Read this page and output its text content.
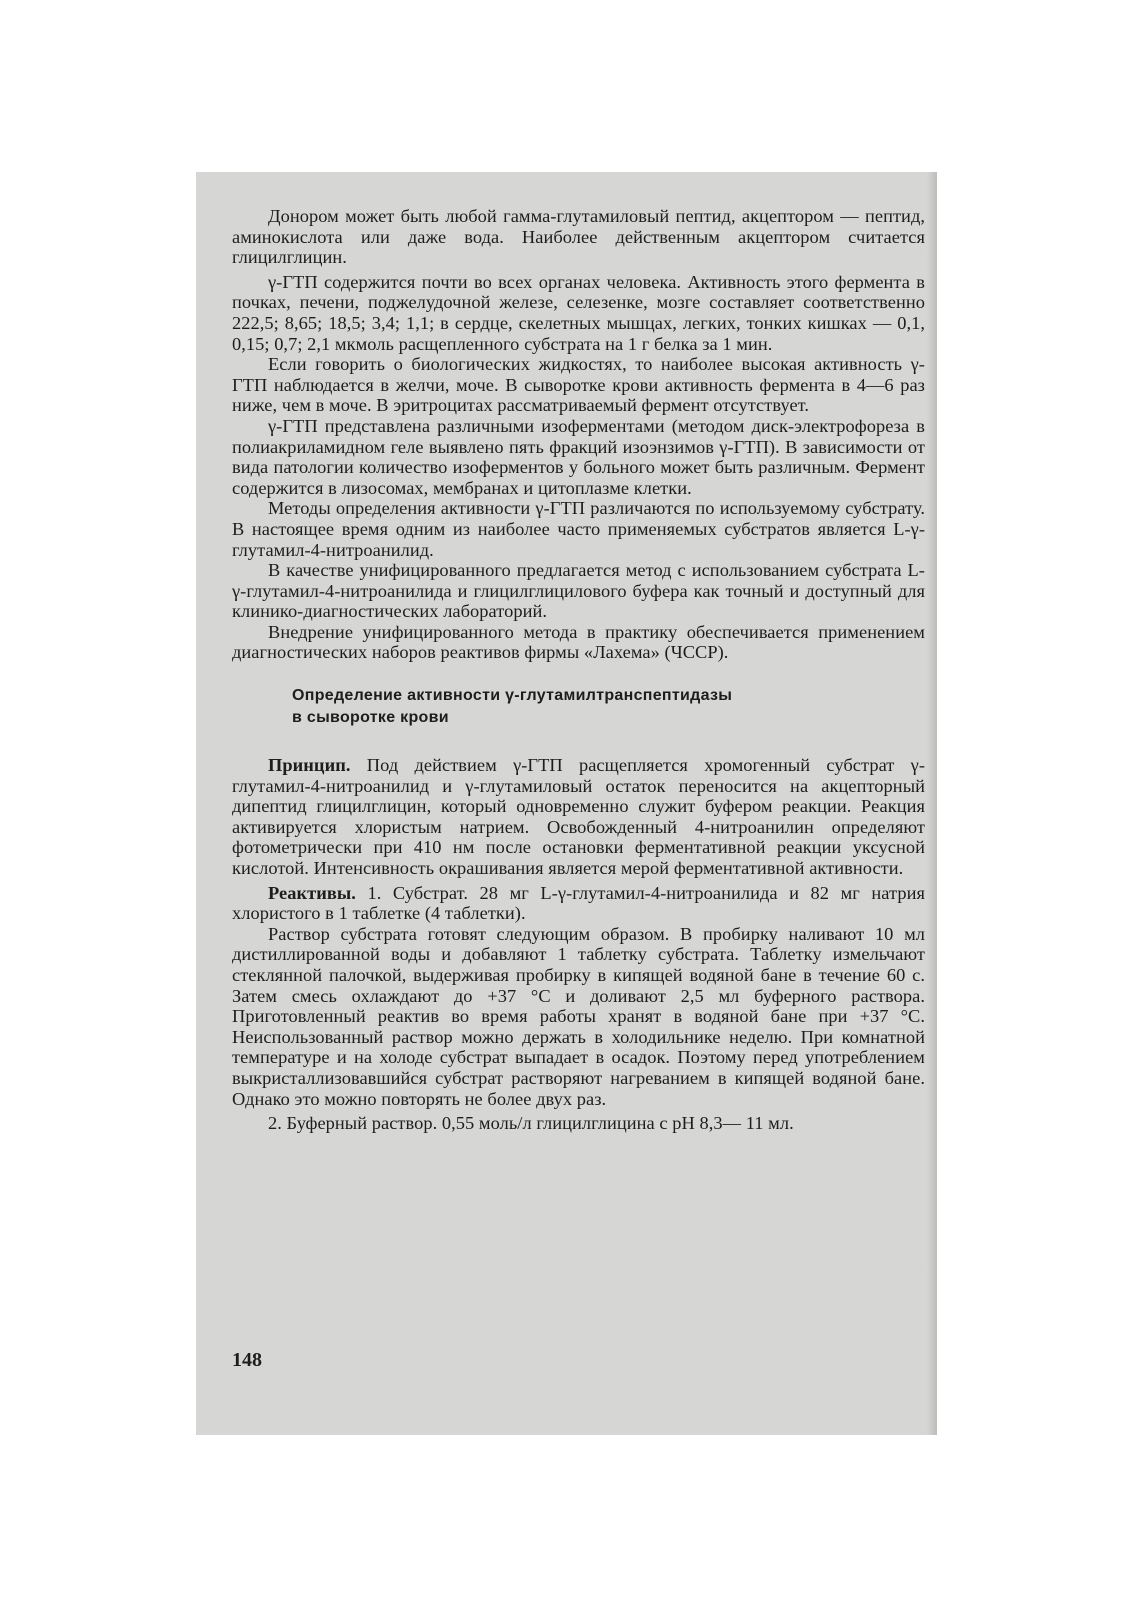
Донором может быть любой гамма-глутамиловый пептид, акцептором — пептид, аминокислота или даже вода. Наиболее действенным акцептором считается глицилглицин.

γ-ГТП содержится почти во всех органах человека. Активность этого фермента в почках, печени, поджелудочной железе, селезенке, мозге составляет соответственно 222,5; 8,65; 18,5; 3,4; 1,1; в сердце, скелетных мышцах, легких, тонких кишках — 0,1, 0,15; 0,7; 2,1 мкмоль расщепленного субстрата на 1 г белка за 1 мин.

Если говорить о биологических жидкостях, то наиболее высокая активность γ-ГТП наблюдается в желчи, моче. В сыворотке крови активность фермента в 4—6 раз ниже, чем в моче. В эритроцитах рассматриваемый фермент отсутствует.

γ-ГТП представлена различными изоферментами (методом диск-электрофореза в полиакриламидном геле выявлено пять фракций изоэнзимов γ-ГТП). В зависимости от вида патологии количество изоферментов у больного может быть различным. Фермент содержится в лизосомах, мембранах и цитоплазме клетки.

Методы определения активности γ-ГТП различаются по используемому субстрату. В настоящее время одним из наиболее часто применяемых субстратов является L-γ-глутамил-4-нитроанилид.

В качестве унифицированного предлагается метод с использованием субстрата L-γ-глутамил-4-нитроанилида и глицилглицилового буфера как точный и доступный для клинико-диагностических лабораторий.

Внедрение унифицированного метода в практику обеспечивается применением диагностических наборов реактивов фирмы «Лахема» (ЧССР).

Определение активности γ-глутамилтранспептидазы
в сыворотке крови

Принцип. Под действием γ-ГТП расщепляется хромогенный субстрат γ-глутамил-4-нитроанилид и γ-глутамиловый остаток переносится на акцепторный дипептид глицилглицин, который одновременно служит буфером реакции. Реакция активируется хлористым натрием. Освобожденный 4-нитроанилин определяют фотометрически при 410 нм после остановки ферментативной реакции уксусной кислотой. Интенсивность окрашивания является мерой ферментативной активности.

Реактивы. 1. Субстрат. 28 мг L-γ-глутамил-4-нитроанилида и 82 мг натрия хлористого в 1 таблетке (4 таблетки).

Раствор субстрата готовят следующим образом. В пробирку наливают 10 мл дистиллированной воды и добавляют 1 таблетку субстрата. Таблетку измельчают стеклянной палочкой, выдерживая пробирку в кипящей водяной бане в течение 60 с. Затем смесь охлаждают до +37 °С и доливают 2,5 мл буферного раствора. Приготовленный реактив во время работы хранят в водяной бане при +37 °С. Неиспользованный раствор можно держать в холодильнике неделю. При комнатной температуре и на холоде субстрат выпадает в осадок. Поэтому перед употреблением выкристаллизовавшийся субстрат растворяют нагреванием в кипящей водяной бане. Однако это можно повторять не более двух раз.

2. Буферный раствор. 0,55 моль/л глицилглицина с рН 8,3— 11 мл.

148
